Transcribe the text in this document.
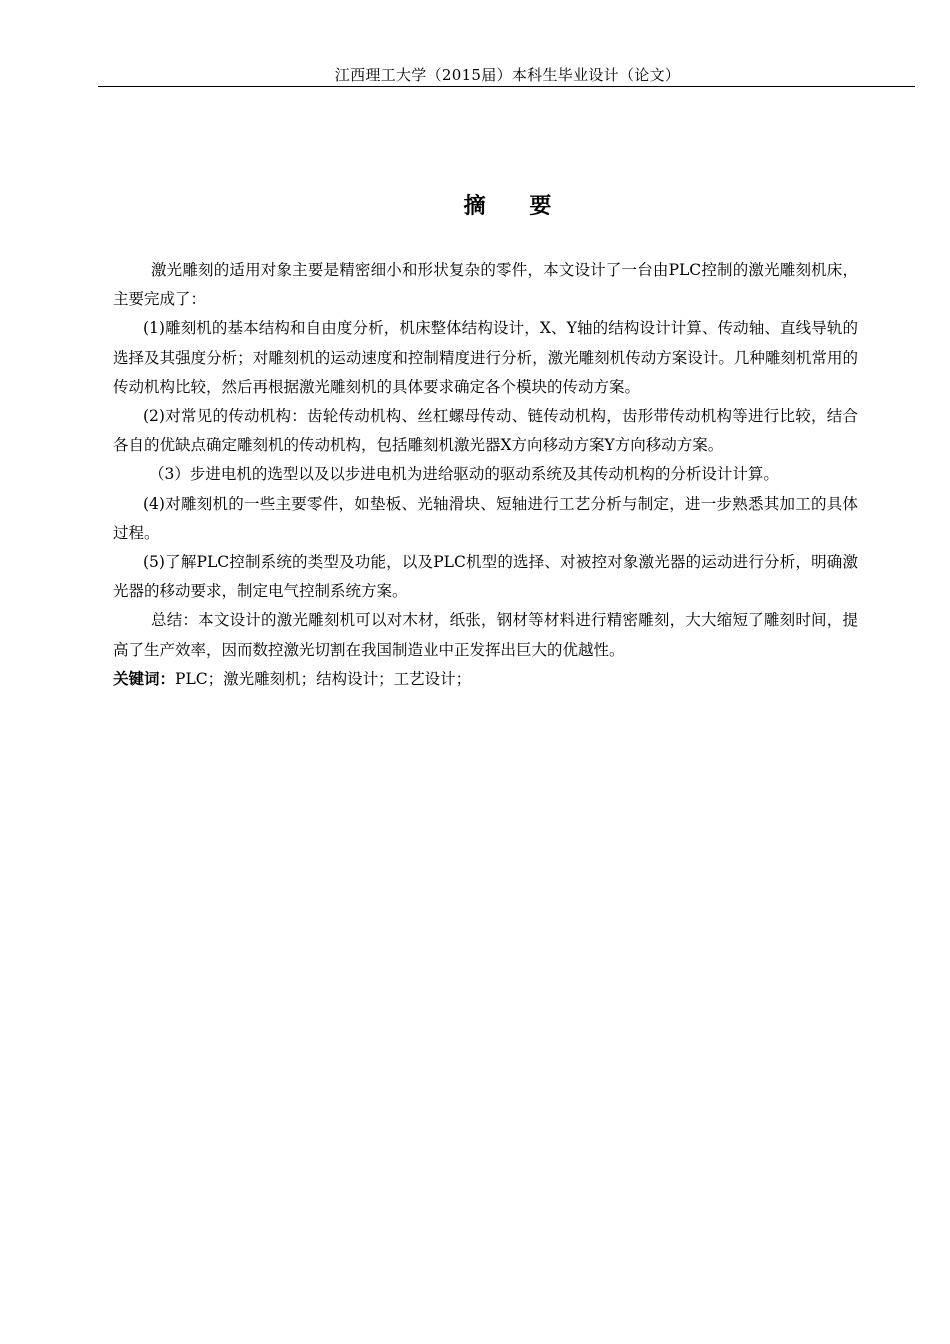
江西理工大学（2015届）本科生毕业设计（论文）
摘 要

激光雕刻的适用对象主要是精密细小和形状复杂的零件，本文设计了一台由PLC控制的激光雕刻机床，主要完成了：

(1)雕刻机的基本结构和自由度分析，机床整体结构设计，X、Y轴的结构设计计算、传动轴、直线导轨的选择及其强度分析；对雕刻机的运动速度和控制精度进行分析，激光雕刻机传动方案设计。几种雕刻机常用的传动机构比较，然后再根据激光雕刻机的具体要求确定各个模块的传动方案。

(2)对常见的传动机构：齿轮传动机构、丝杠螺母传动、链传动机构，齿形带传动机构等进行比较，结合各自的优缺点确定雕刻机的传动机构，包括雕刻机激光器X方向移动方案Y方向移动方案。

（3）步进电机的选型以及以步进电机为进给驱动的驱动系统及其传动机构的分析设计计算。

(4)对雕刻机的一些主要零件，如垫板、光轴滑块、短轴进行工艺分析与制定，进一步熟悉其加工的具体过程。

(5)了解PLC控制系统的类型及功能，以及PLC机型的选择、对被控对象激光器的运动进行分析，明确激光器的移动要求，制定电气控制系统方案。

总结：本文设计的激光雕刻机可以对木材，纸张，钢材等材料进行精密雕刻，大大缩短了雕刻时间，提高了生产效率，因而数控激光切割在我国制造业中正发挥出巨大的优越性。

关键词：PLC；激光雕刻机；结构设计；工艺设计；
